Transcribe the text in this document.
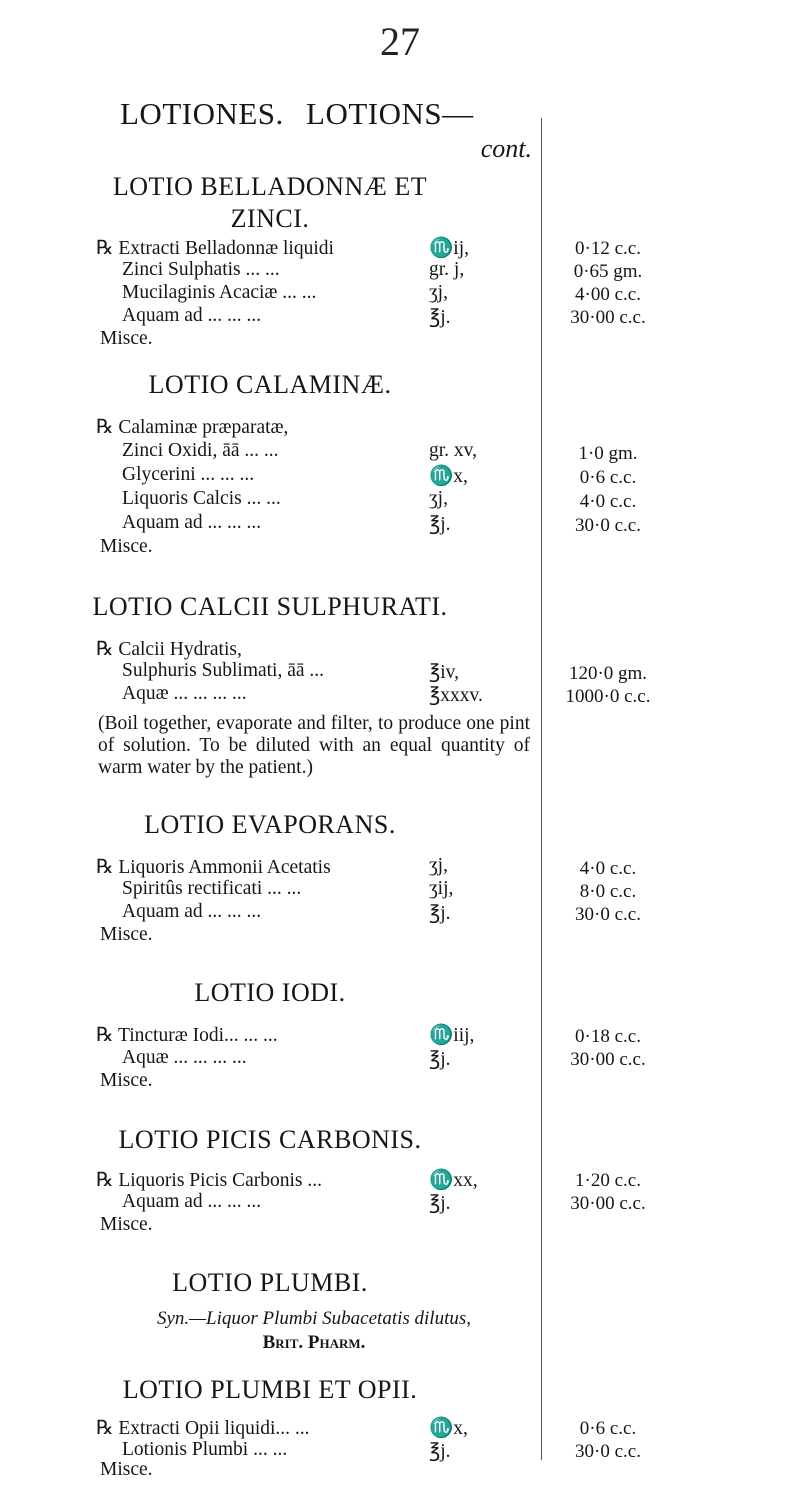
27
LOTIONES. LOTIONS—
cont.
LOTIO BELLADONNÆ ET
ZINCI.
℞ Extracti Belladonnæ liquidi	♏ij,	0·12 c.c.
Zinci Sulphatis ... ...	gr. j,	0·65 gm.
Mucilaginis Acaciæ ... ...	ʒj,	4·00 c.c.
Aquam ad ... ... ...	℥j.	30·00 c.c.
Misce.
LOTIO CALAMINÆ.
℞ Calaminæ præparatæ,
Zinci Oxidi, āā ... ...	gr. xv,	1·0 gm.
Glycerini ... ... ...	♏x,	0·6 c.c.
Liquoris Calcis ... ...	ʒj,	4·0 c.c.
Aquam ad ... ... ...	℥j.	30·0 c.c.
Misce.
LOTIO CALCII SULPHURATI.
℞ Calcii Hydratis,
Sulphuris Sublimati, āā ...	℥iv,	120·0 gm.
Aquæ ... ... ... ...	℥xxxv.	1000·0 c.c.
(Boil together, evaporate and filter, to produce one pint of solution. To be diluted with an equal quantity of warm water by the patient.)
LOTIO EVAPORANS.
℞ Liquoris Ammonii Acetatis	ʒj,	4·0 c.c.
Spiritûs rectificati ... ...	ʒij,	8·0 c.c.
Aquam ad ... ... ...	℥j.	30·0 c.c.
Misce.
LOTIO IODI.
℞ Tincturæ Iodi... ... ...	♏iij,	0·18 c.c.
Aquæ ... ... ... ...	℥j.	30·00 c.c.
Misce.
LOTIO PICIS CARBONIS.
℞ Liquoris Picis Carbonis ...	♏xx,	1·20 c.c.
Aquam ad ... ... ...	℥j.	30·00 c.c.
Misce.
LOTIO PLUMBI.
Syn.—Liquor Plumbi Subacetatis dilutus,
Brit. Pharm.
LOTIO PLUMBI ET OPII.
℞ Extracti Opii liquidi... ...	♏x,	0·6 c.c.
Lotionis Plumbi ... ...	℥j.	30·0 c.c.
Misce.
